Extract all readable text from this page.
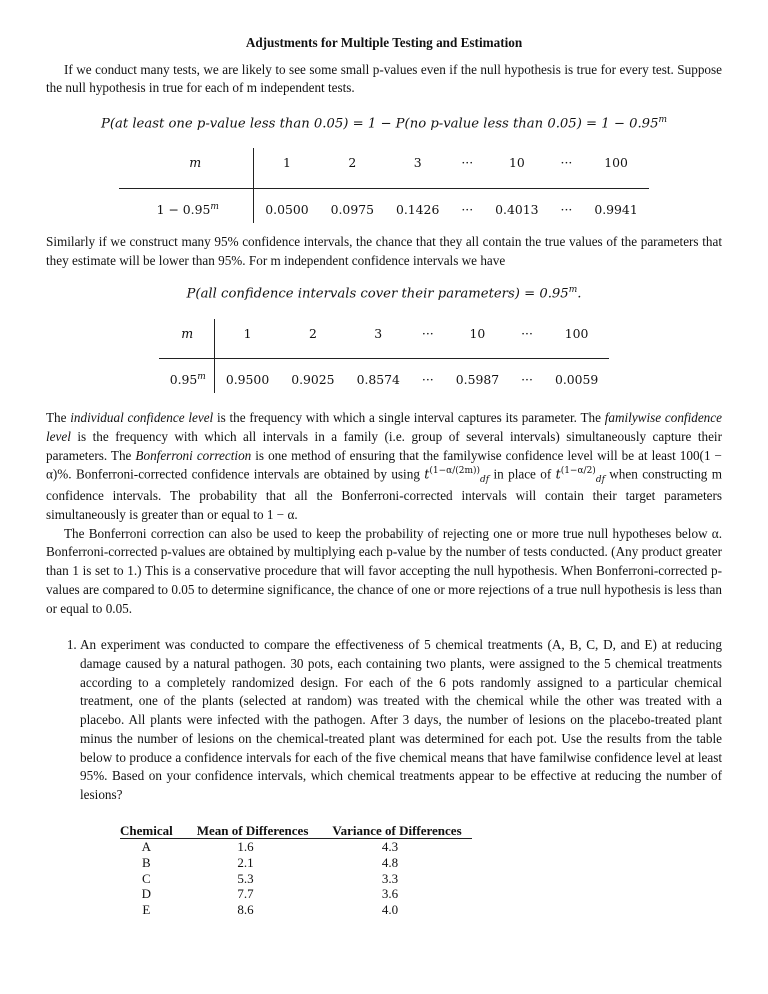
Adjustments for Multiple Testing and Estimation

If we conduct many tests, we are likely to see some small p-values even if the null hypothesis is true for every test. Suppose the null hypothesis in true for each of m independent tests.

P(at least one p-value less than 0.05) = 1 − P(no p-value less than $0.05) = 1 - 0.95^m$
m	1	2	3	···	10	···	100
$1 - 0.95^m$	0.0500	0.0975	0.1426	···	0.4013	···	0.9941

Similarly if we construct many 95% confidence intervals, the chance that they all contain the true values of the parameters that they estimate will be lower than 95%. For m independent confidence intervals we have

P(all confidence intervals cover their parameters) = $0.95^m$.
m	1	2	3	···	10	···	100
0.95$^m$	0.9500	0.9025	0.8574	···	0.5987	···	0.0059

The individual confidence level is the frequency with which a single interval captures its parameter. The familywise confidence level is the frequency with which all intervals in a family (i.e. group of several intervals) simultaneously capture their parameters. The Bonferroni correction is one method of ensuring that the familywise confidence level will be at least 100(1 − α)%. Bonferroni-corrected confidence intervals are obtained by using $t^{(1-\alpha/(2m))}_{df}$ in place of $t^{(1-\alpha/2)}_{df}$ when constructing m confidence intervals. The probability that all the Bonferroni-corrected intervals will contain their target parameters simultaneously is greater than or equal to 1 − α.

The Bonferroni correction can also be used to keep the probability of rejecting one or more true null hypotheses below α. Bonferroni-corrected p-values are obtained by multiplying each p-value by the number of tests conducted. (Any product greater than 1 is set to 1.) This is a conservative procedure that will favor accepting the null hypothesis. When Bonferroni-corrected p-values are compared to 0.05 to determine significance, the chance of one or more rejections of a true null hypothesis is less than or equal to 0.05.

1. An experiment was conducted to compare the effectiveness of 5 chemical treatments (A, B, C, D, and E) at reducing damage caused by a natural pathogen. 30 pots, each containing two plants, were assigned to the 5 chemical treatments according to a completely randomized design. For each of the 6 pots randomly assigned to a particular chemical treatment, one of the plants (selected at random) was treated with the chemical while the other was treated with a placebo. All plants were infected with the pathogen. After 3 days, the number of lesions on the placebo-treated plant minus the number of lesions on the chemical-treated plant was determined for each pot. Use the results from the table below to produce a confidence intervals for each of the five chemical means that have familwise confidence level at least 95%. Based on your confidence intervals, which chemical treatments appear to be effective at reducing the number of lesions?
Chemical	Mean of Differences	Variance of Differences
A	1.6	4.3
B	2.1	4.8
C	5.3	3.3
D	7.7	3.6
E	8.6	4.0
